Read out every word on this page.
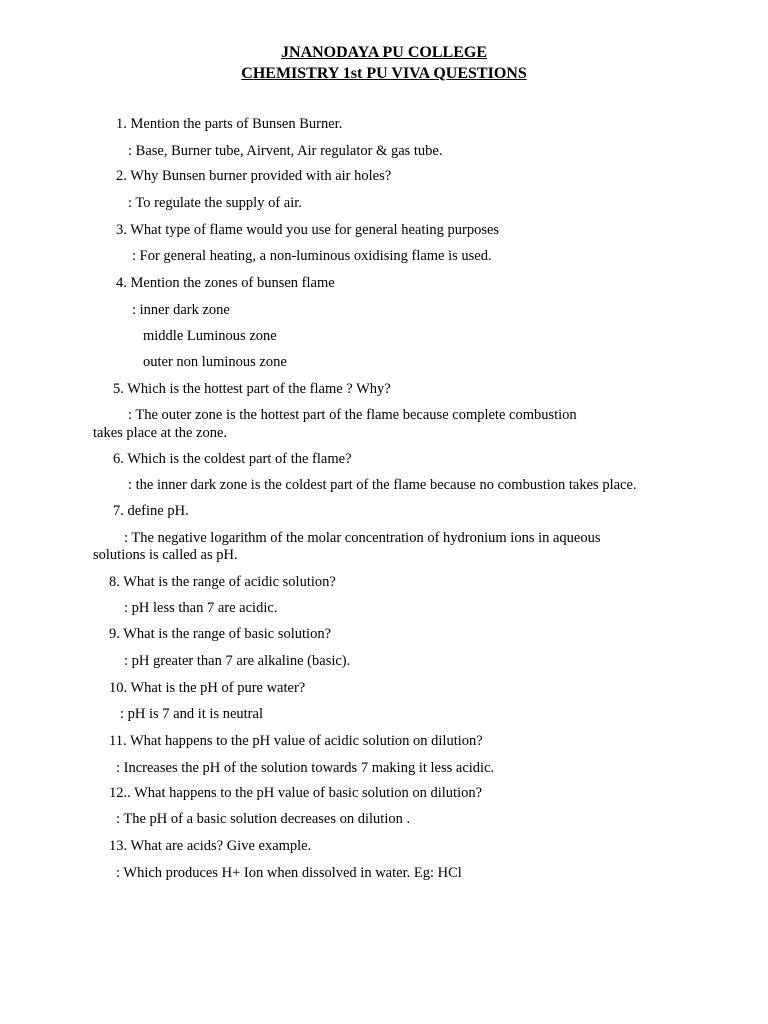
JNANODAYA PU COLLEGE
CHEMISTRY 1st PU VIVA QUESTIONS
1. Mention the parts of Bunsen Burner.
: Base, Burner tube, Airvent, Air regulator & gas tube.
2. Why Bunsen burner provided with air holes?
: To regulate the supply of air.
3. What type of flame would you use for general heating purposes
: For general heating, a non-luminous oxidising flame is used.
4. Mention the zones of bunsen flame
: inner dark zone
middle Luminous zone
outer non luminous zone
5. Which is the hottest part of the flame ? Why?
: The outer zone is the hottest part of the flame because complete combustion
takes place at the zone.
6. Which is the coldest part of the flame?
: the inner dark zone is the coldest part of the flame because no combustion takes place.
7. define pH.
: The negative logarithm of the molar concentration of hydronium ions in aqueous
solutions is called as pH.
8. What is the range of acidic solution?
: pH less than 7 are acidic.
9. What is the range of basic solution?
: pH greater than 7 are alkaline (basic).
10. What is the pH of pure water?
: pH is 7 and it is neutral
11. What happens to the pH value of acidic solution on dilution?
: Increases the pH of the solution towards 7 making it less acidic.
12.. What happens to the pH value of basic solution on dilution?
: The pH of a basic solution decreases on dilution .
13. What are acids? Give example.
: Which produces H+ Ion when dissolved in water. Eg: HCl
